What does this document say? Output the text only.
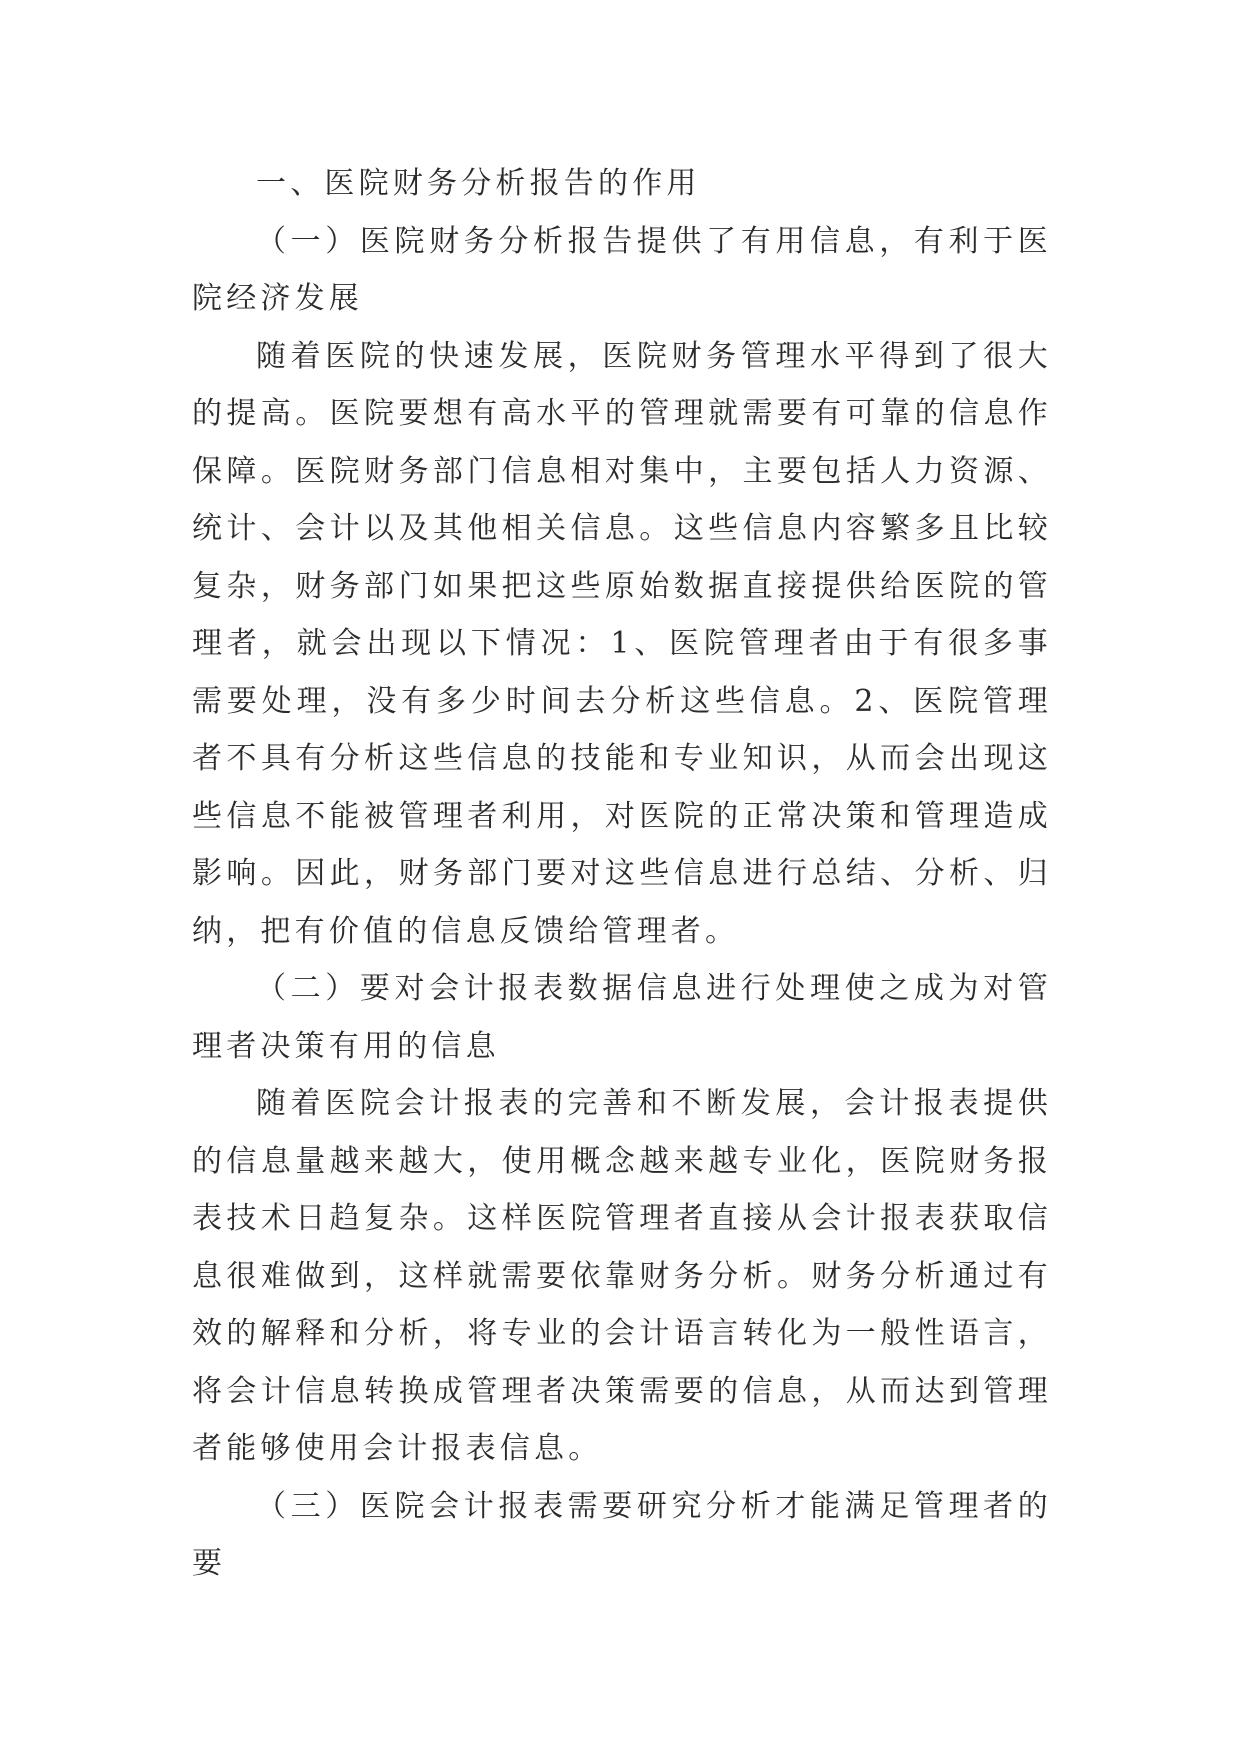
一、医院财务分析报告的作用

（一）医院财务分析报告提供了有用信息，有利于医院经济发展

随着医院的快速发展，医院财务管理水平得到了很大的提高。医院要想有高水平的管理就需要有可靠的信息作保障。医院财务部门信息相对集中，主要包括人力资源、统计、会计以及其他相关信息。这些信息内容繁多且比较复杂，财务部门如果把这些原始数据直接提供给医院的管理者，就会出现以下情况：1、医院管理者由于有很多事需要处理，没有多少时间去分析这些信息。2、医院管理者不具有分析这些信息的技能和专业知识，从而会出现这些信息不能被管理者利用，对医院的正常决策和管理造成影响。因此，财务部门要对这些信息进行总结、分析、归纳，把有价值的信息反馈给管理者。

（二）要对会计报表数据信息进行处理使之成为对管理者决策有用的信息

随着医院会计报表的完善和不断发展，会计报表提供的信息量越来越大，使用概念越来越专业化，医院财务报表技术日趋复杂。这样医院管理者直接从会计报表获取信息很难做到，这样就需要依靠财务分析。财务分析通过有效的解释和分析，将专业的会计语言转化为一般性语言，将会计信息转换成管理者决策需要的信息，从而达到管理者能够使用会计报表信息。

（三）医院会计报表需要研究分析才能满足管理者的要
